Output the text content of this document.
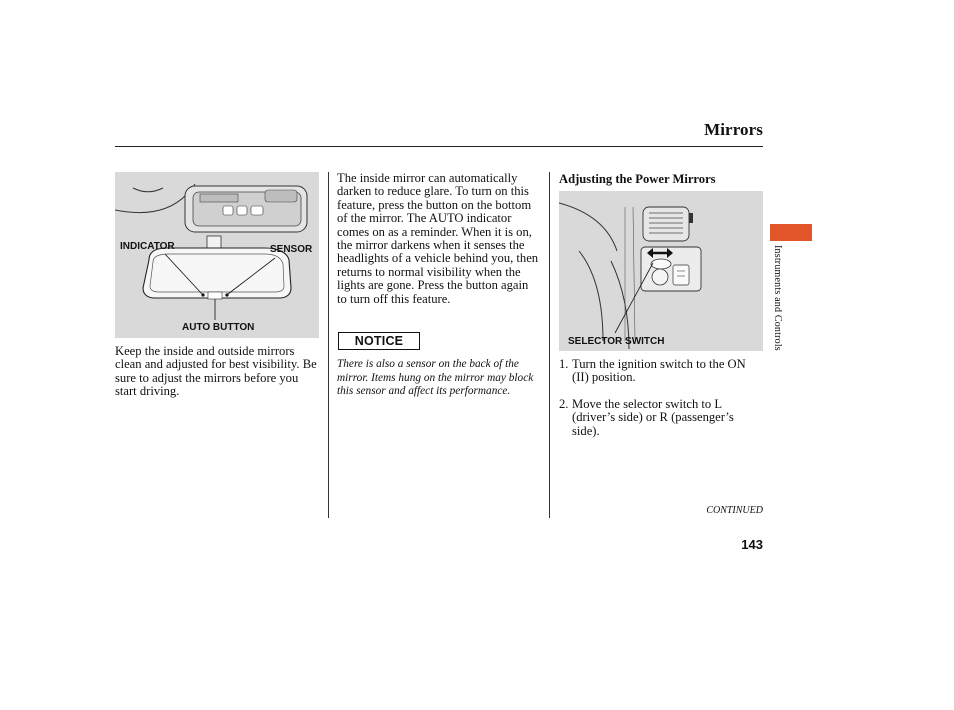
Mirrors
INDICATOR	SENSOR
AUTO BUTTON

Keep the inside and outside mirrors clean and adjusted for best visibility. Be sure to adjust the mirrors before you start driving.

The inside mirror can automatically darken to reduce glare. To turn on this feature, press the button on the bottom of the mirror. The AUTO indicator comes on as a reminder. When it is on, the mirror darkens when it senses the headlights of a vehicle behind you, then returns to normal visibility when the lights are gone. Press the button again to turn off this feature.

NOTICE

There is also a sensor on the back of the mirror. Items hung on the mirror may block this sensor and affect its performance.

Adjusting the Power Mirrors
SELECTOR SWITCH
1. Turn the ignition switch to the ON (II) position.
2. Move the selector switch to L (driver’s side) or R (passenger’s side).
Instruments and Controls
CONTINUED
143
